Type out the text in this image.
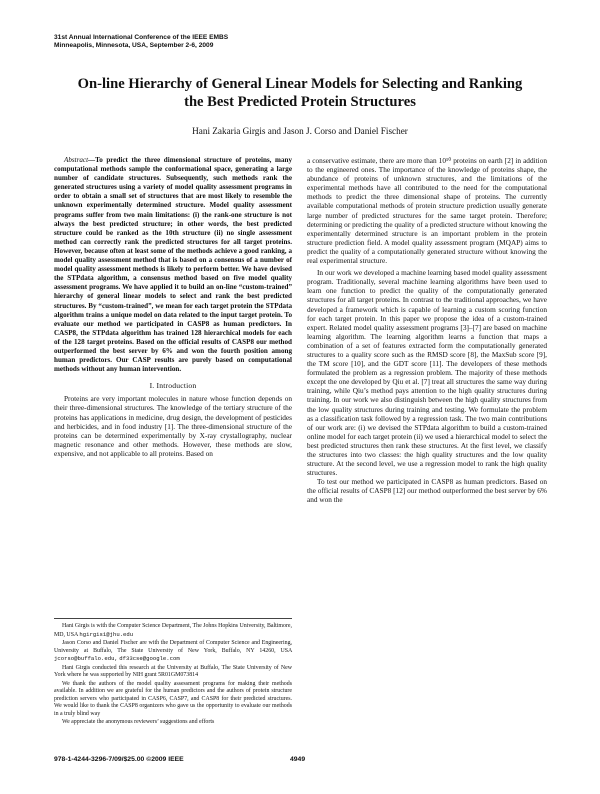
31st Annual International Conference of the IEEE EMBS
Minneapolis, Minnesota, USA, September 2-6, 2009
On-line Hierarchy of General Linear Models for Selecting and Ranking
the Best Predicted Protein Structures
Hani Zakaria Girgis and Jason J. Corso and Daniel Fischer

Abstract—To predict the three dimensional structure of proteins, many computational methods sample the conformational space, generating a large number of candidate structures. Subsequently, such methods rank the generated structures using a variety of model quality assessment programs in order to obtain a small set of structures that are most likely to resemble the unknown experimentally determined structure. Model quality assessment programs suffer from two main limitations: (i) the rank-one structure is not always the best predicted structure; in other words, the best predicted structure could be ranked as the 10th structure (ii) no single assessment method can correctly rank the predicted structures for all target proteins. However, because often at least some of the methods achieve a good ranking, a model quality assessment method that is based on a consensus of a number of model quality assessment methods is likely to perform better. We have devised the STPdata algorithm, a consensus method based on five model quality assessment programs. We have applied it to build an on-line “custom-trained” hierarchy of general linear models to select and rank the best predicted structures. By “custom-trained”, we mean for each target protein the STPdata algorithm trains a unique model on data related to the input target protein. To evaluate our method we participated in CASP8 as human predictors. In CASP8, the STPdata algorithm has trained 128 hierarchical models for each of the 128 target proteins. Based on the official results of CASP8 our method outperformed the best server by 6% and won the fourth position among human predictors. Our CASP results are purely based on computational methods without any human intervention.

I. Introduction

Proteins are very important molecules in nature whose function depends on their three-dimensional structures. The knowledge of the tertiary structure of the proteins has applications in medicine, drug design, the development of pesticides and herbicides, and in food industry [1]. The three-dimensional structure of the proteins can be determined experimentally by X-ray crystallography, nuclear magnetic resonance and other methods. However, these methods are slow, expensive, and not applicable to all proteins. Based on

Hani Girgis is with the Computer Science Department, The Johns Hopkins University, Baltimore, MD, USA hgirgis1@jhu.edu

Jason Corso and Daniel Fischer are with the Department of Computer Science and Engineering, University at Buffalo, The State University of New York, Buffalo, NY 14260, USA jcorso@buffalo.edu, df33cse@google.com

Hani Girgis conducted this research at the University at Buffalo, The State University of New York where he was supported by NIH grant 5R01GM073814

We thank the authors of the model quality assessment programs for making their methods available. In addition we are grateful for the human predictors and the authors of protein structure prediction servers who participated in CASP6, CASP7, and CASP8 for their predicted structures. We would like to thank the CASP8 organizers who gave us the opportunity to evaluate our methods in a truly blind way

We appreciate the anonymous reviewers’ suggestions and efforts

a conservative estimate, there are more than 10¹⁰ proteins on earth [2] in addition to the engineered ones. The importance of the knowledge of proteins shape, the abundance of proteins of unknown structures, and the limitations of the experimental methods have all contributed to the need for the computational methods to predict the three dimensional shape of proteins. The currently available computational methods of protein structure prediction usually generate large number of predicted structures for the same target protein. Therefore; determining or predicting the quality of a predicted structure without knowing the experimentally determined structure is an important problem in the protein structure prediction field. A model quality assessment program (MQAP) aims to predict the quality of a computationally generated structure without knowing the real experimental structure.

In our work we developed a machine learning based model quality assessment program. Traditionally, several machine learning algorithms have been used to learn one function to predict the quality of the computationally generated structures for all target proteins. In contrast to the traditional approaches, we have developed a framework which is capable of learning a custom scoring function for each target protein. In this paper we propose the idea of a custom-trained expert. Related model quality assessment programs [3]–[7] are based on machine learning algorithm. The learning algorithm learns a function that maps a combination of a set of features extracted form the computationally generated structures to a quality score such as the RMSD score [8], the MaxSub score [9], the TM score [10], and the GDT score [11]. The developers of these methods formulated the problem as a regression problem. The majority of these methods except the one developed by Qiu et al. [7] treat all structures the same way during training, while Qiu’s method pays attention to the high quality structures during training. In our work we also distinguish between the high quality structures from the low quality structures during training and testing. We formulate the problem as a classification task followed by a regression task. The two main contributions of our work are: (i) we devised the STPdata algorithm to build a custom-trained online model for each target protein (ii) we used a hierarchical model to select the best predicted structures then rank these structures. At the first level, we classify the structures into two classes: the high quality structures and the low quality structure. At the second level, we use a regression model to rank the high quality structures.

To test our method we participated in CASP8 as human predictors. Based on the official results of CASP8 [12] our method outperformed the best server by 6% and won the

978-1-4244-3296-7/09/$25.00 ©2009 IEEE	4949
